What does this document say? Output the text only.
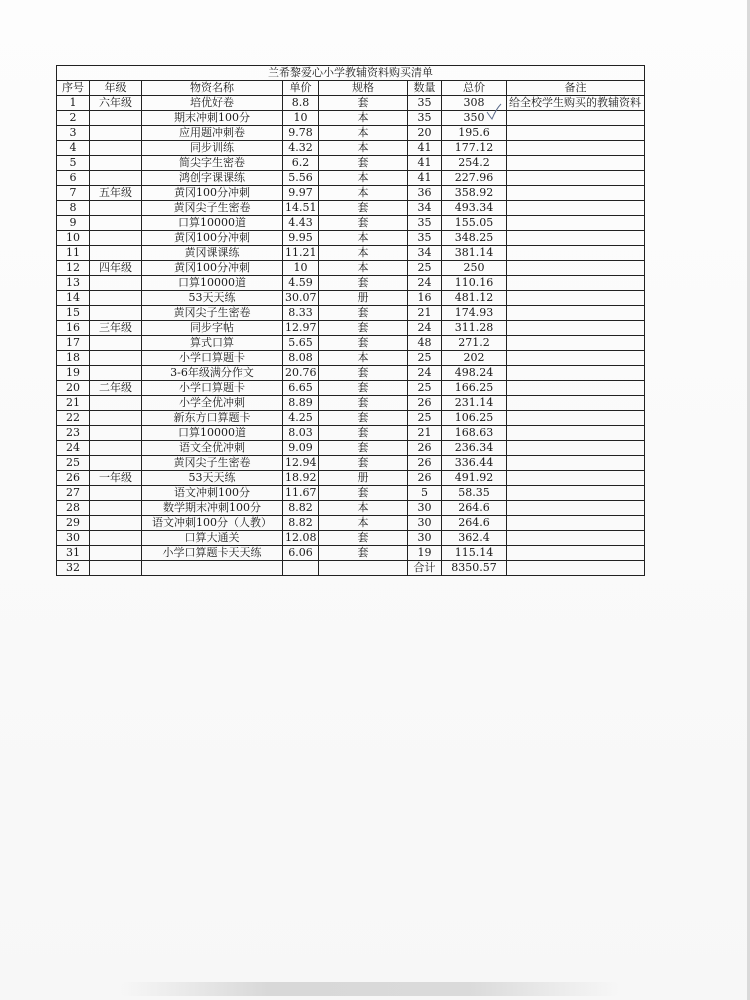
兰希黎爱心小学教辅资料购买清单							
序号	年级	物资名称	单价	规格	数量	总价	备注
1	六年级	培优好卷	8.8	套	35	308	给全校学生购买的教辅资料
2		期末冲刺100分	10	本	35	350	
3		应用题冲刺卷	9.78	本	20	195.6	
4		同步训练	4.32	本	41	177.12	
5		简尖字生密卷	6.2	套	41	254.2	
6		鸿创字课课练	5.56	本	41	227.96	
7	五年级	黄冈100分冲刺	9.97	本	36	358.92	
8		黄冈尖子生密卷	14.51	套	34	493.34	
9		口算10000道	4.43	套	35	155.05	
10		黄冈100分冲刺	9.95	本	35	348.25	
11		黄冈课课练	11.21	本	34	381.14	
12	四年级	黄冈100分冲刺	10	本	25	250	
13		口算10000道	4.59	套	24	110.16	
14		53天天练	30.07	册	16	481.12	
15		黄冈尖子生密卷	8.33	套	21	174.93	
16	三年级	同步字帖	12.97	套	24	311.28	
17		算式口算	5.65	套	48	271.2	
18		小学口算题卡	8.08	本	25	202	
19		3-6年级满分作文	20.76	套	24	498.24	
20	二年级	小学口算题卡	6.65	套	25	166.25	
21		小学全优冲刺	8.89	套	26	231.14	
22		新东方口算题卡	4.25	套	25	106.25	
23		口算10000道	8.03	套	21	168.63	
24		语文全优冲刺	9.09	套	26	236.34	
25		黄冈尖子生密卷	12.94	套	26	336.44	
26	一年级	53天天练	18.92	册	26	491.92	
27		语文冲刺100分	11.67	套	5	58.35	
28		数学期末冲刺100分	8.82	本	30	264.6	
29		语文冲刺100分（人教）	8.82	本	30	264.6	
30		口算大通关	12.08	套	30	362.4	
31		小学口算题卡天天练	6.06	套	19	115.14	
32					合计	8350.57	
